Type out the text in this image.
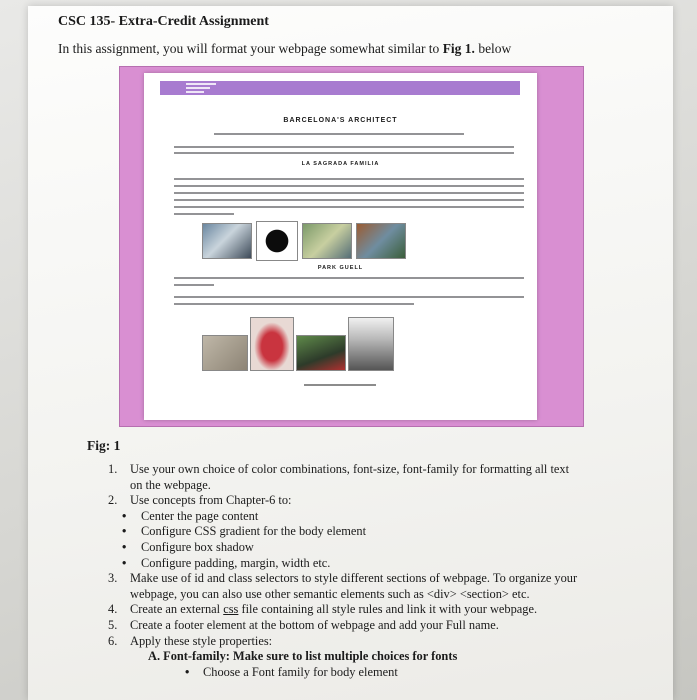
CSC 135- Extra-Credit Assignment
In this assignment, you will format your webpage somewhat similar to Fig 1. below
BARCELONA'S ARCHITECT
LA SAGRADA FAMILIA
PARK GUELL
Fig: 1
1. Use your own choice of color combinations, font-size, font-family for formatting all text on the webpage.
2. Use concepts from Chapter-6 to:
• Center the page content
• Configure CSS gradient for the body element
• Configure box shadow
• Configure padding, margin, width etc.
3. Make use of id and class selectors to style different sections of webpage. To organize your webpage, you can also use other semantic elements such as <div> <section> etc.
4. Create an external css file containing all style rules and link it with your webpage.
5. Create a footer element at the bottom of webpage and add your Full name.
6. Apply these style properties:
A. Font-family: Make sure to list multiple choices for fonts
• Choose a Font family for body element
